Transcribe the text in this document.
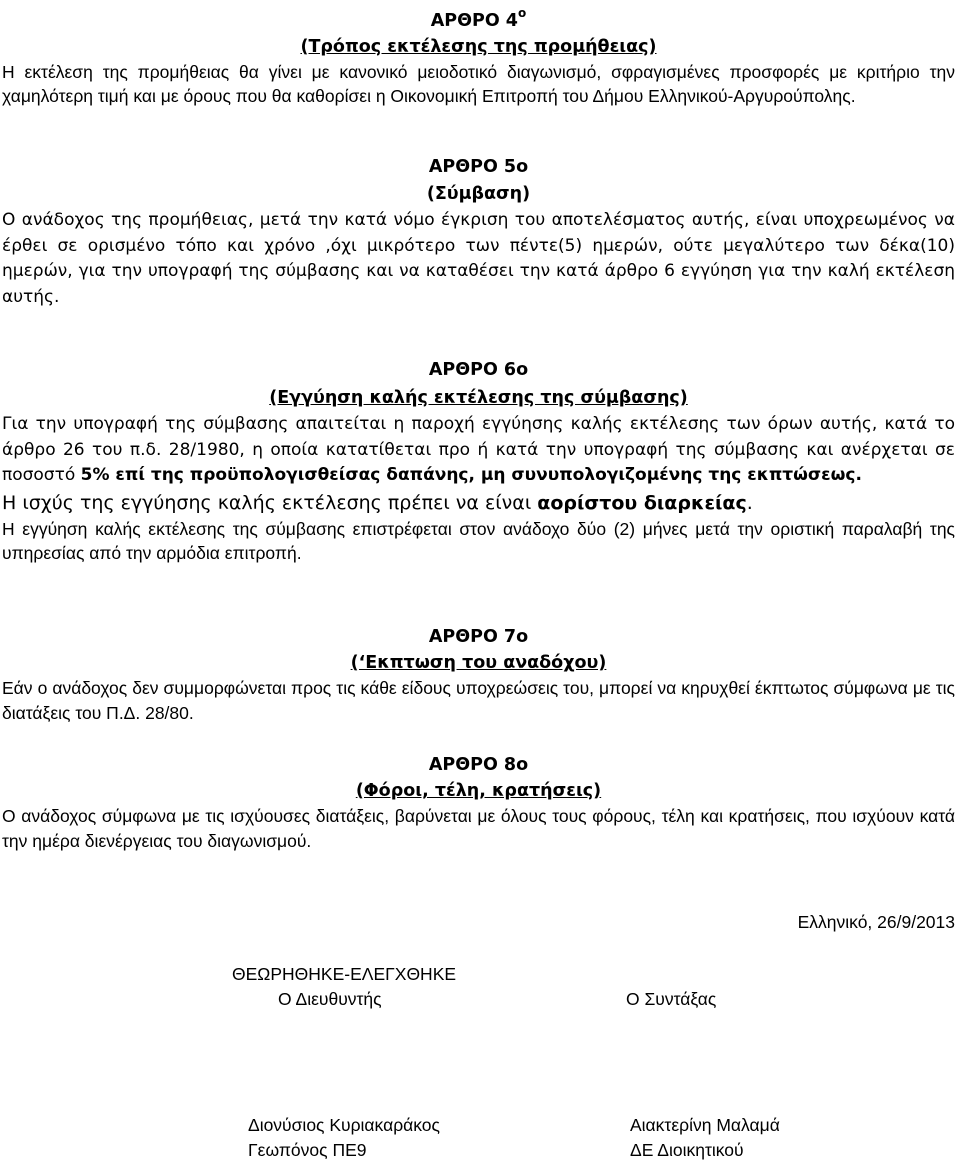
ΑΡΘΡΟ $4^o$

(Τρόπος εκτέλεσης της προμήθειας)

Η εκτέλεση της προμήθειας θα γίνει με κανονικό μειοδοτικό διαγωνισμό, σφραγισμένες προσφορές με κριτήριο την χαμηλότερη τιμή και με όρους που θα καθορίσει η Οικονομική Επιτροπή του Δήμου Ελληνικού-Αργυρούπολης.

ΑΡΘΡΟ 5ο

(Σύμβαση)

Ο ανάδοχος της προμήθειας, μετά την κατά νόμο έγκριση του αποτελέσματος αυτής, είναι υποχρεωμένος να έρθει σε ορισμένο τόπο και χρόνο ,όχι μικρότερο των πέντε(5) ημερών, ούτε μεγαλύτερο των δέκα(10) ημερών, για την υπογραφή της σύμβασης και να καταθέσει την κατά άρθρο 6 εγγύηση για την καλή εκτέλεση αυτής.

ΑΡΘΡΟ 6ο

(Εγγύηση καλής εκτέλεσης της σύμβασης)

Για την υπογραφή της σύμβασης απαιτείται η παροχή εγγύησης καλής εκτέλεσης των όρων αυτής, κατά το άρθρο 26 του π.δ. 28/1980, η οποία κατατίθεται προ ή κατά την υπογραφή της σύμβασης και ανέρχεται σε ποσοστό 5% επί της προϋπολογισθείσας δαπάνης, μη συνυπολογιζομένης της εκπτώσεως.

Η ισχύς της εγγύησης καλής εκτέλεσης πρέπει να είναι αορίστου διαρκείας.

Η εγγύηση καλής εκτέλεσης της σύμβασης επιστρέφεται στον ανάδοχο δύο (2) μήνες μετά την οριστική παραλαβή της υπηρεσίας από την αρμόδια επιτροπή.

ΑΡΘΡΟ 7ο

(‘Εκπτωση του αναδόχου)

Εάν ο ανάδοχος δεν συμμορφώνεται προς τις κάθε είδους υποχρεώσεις του, μπορεί να κηρυχθεί έκπτωτος σύμφωνα με τις διατάξεις του Π.Δ. 28/80.

ΑΡΘΡΟ 8ο

(Φόροι, τέλη, κρατήσεις)

Ο ανάδοχος σύμφωνα με τις ισχύουσες διατάξεις, βαρύνεται με όλους τους φόρους, τέλη και κρατήσεις, που ισχύουν κατά την ημέρα διενέργειας του διαγωνισμού.

Ελληνικό, 26/9/2013
ΘΕΩΡΗΘΗΚΕ-ΕΛΕΓΧΘΗΚΕ
Ο Διευθυντής	Ο Συντάξας
Διονύσιος Κυριακαράκος
Γεωπόνος ΠΕ9
Αιακτερίνη Μαλαμά
ΔΕ Διοικητικού
